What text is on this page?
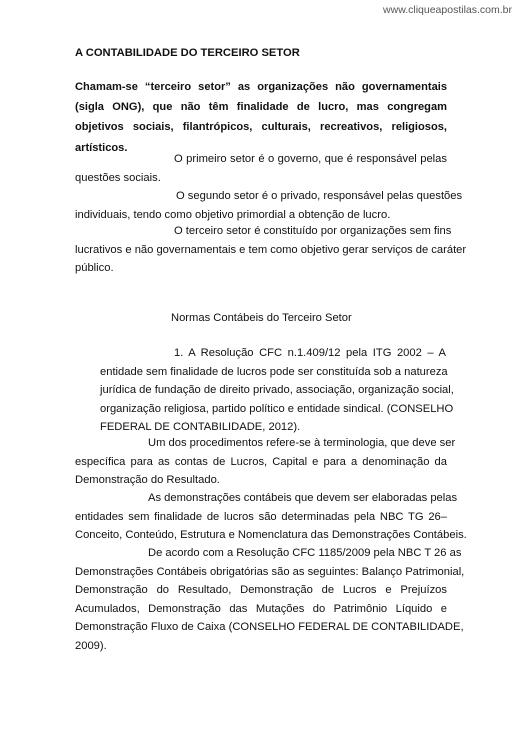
www.cliqueapostilas.com.br
A CONTABILIDADE DO TERCEIRO SETOR
Chamam-se “terceiro setor” as organizações não governamentais (sigla ONG), que não têm finalidade de lucro, mas congregam objetivos sociais, filantrópicos, culturais, recreativos, religiosos, artísticos.
O primeiro setor é o governo, que é responsável pelas
questões sociais.
O segundo setor é o privado, responsável pelas questões
individuais, tendo como objetivo primordial a obtenção de lucro.
O terceiro setor é constituído por organizações sem fins
lucrativos e não governamentais e tem como objetivo gerar serviços de caráter
público.
Normas Contábeis do Terceiro Setor
1. A Resolução CFC n.1.409/12 pela ITG 2002 – A
entidade sem finalidade de lucros pode ser constituída sob a natureza
jurídica de fundação de direito privado, associação, organização social,
organização religiosa, partido político e entidade sindical. (CONSELHO
FEDERAL DE CONTABILIDADE, 2012).
Um dos procedimentos refere-se à terminologia, que deve ser
específica para as contas de Lucros, Capital e para a denominação da
Demonstração do Resultado.
As demonstrações contábeis que devem ser elaboradas pelas
entidades sem finalidade de lucros são determinadas pela NBC TG 26–
Conceito, Conteúdo, Estrutura e Nomenclatura das Demonstrações Contábeis.
De acordo com a Resolução CFC 1185/2009 pela NBC T 26 as
Demonstrações Contábeis obrigatórias são as seguintes: Balanço Patrimonial,
Demonstração do Resultado, Demonstração de Lucros e Prejuízos
Acumulados, Demonstração das Mutações do Patrimônio Líquido e
Demonstração Fluxo de Caixa (CONSELHO FEDERAL DE CONTABILIDADE,
2009).
